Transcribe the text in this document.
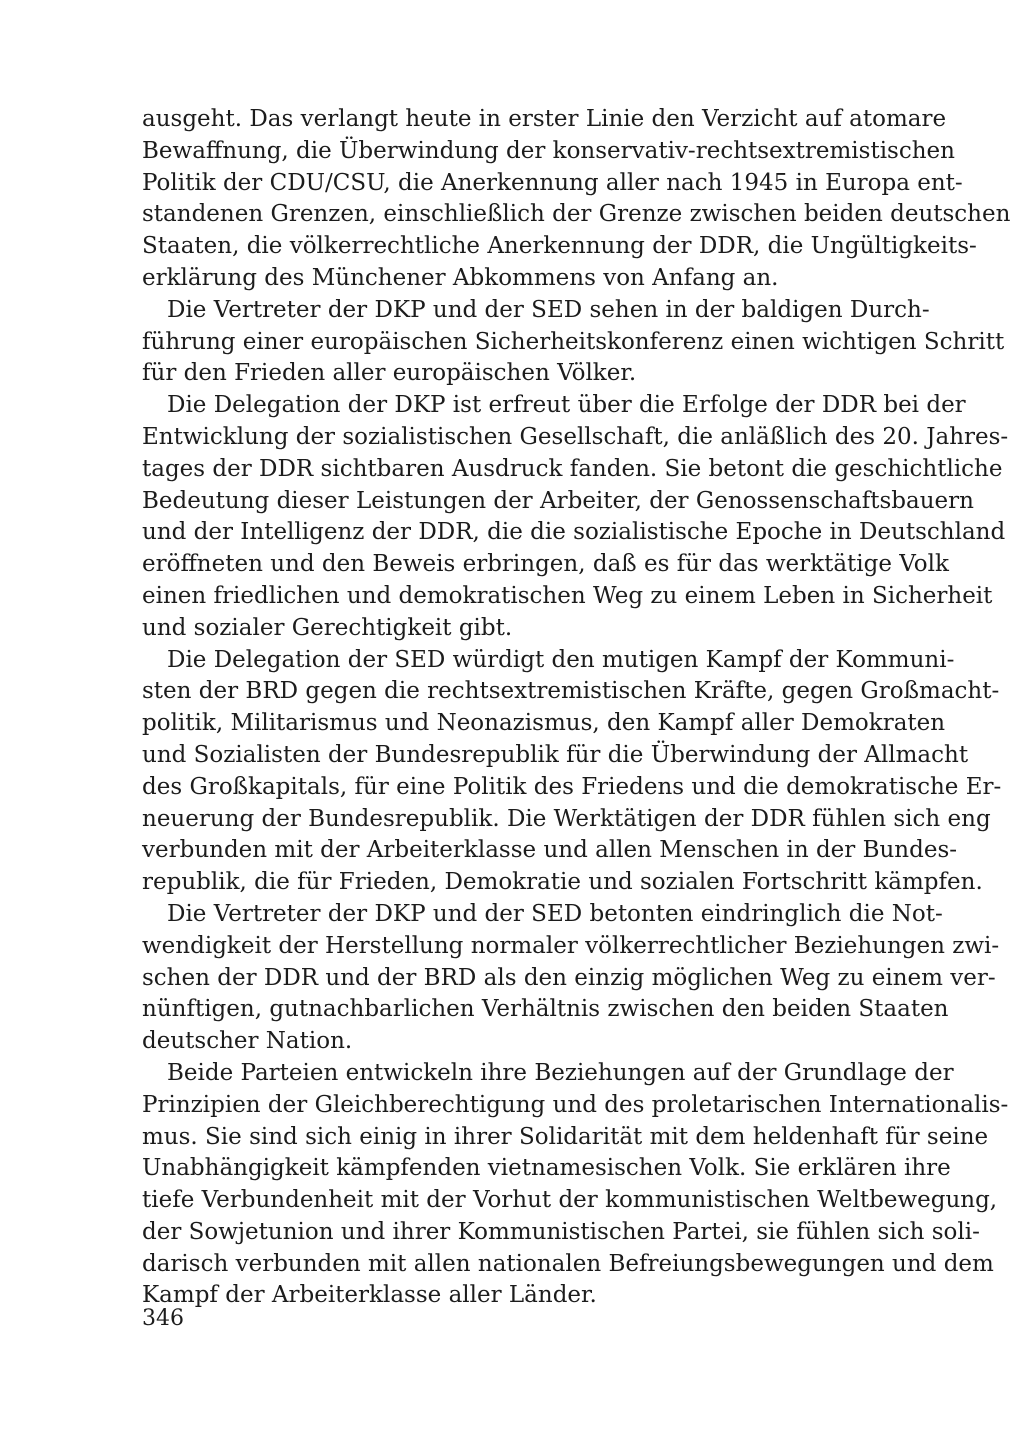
ausgeht. Das verlangt heute in erster Linie den Verzicht auf atomare
Bewaffnung, die Überwindung der konservativ-rechtsextremistischen
Politik der CDU/CSU, die Anerkennung aller nach 1945 in Europa ent-
standenen Grenzen, einschließlich der Grenze zwischen beiden deutschen
Staaten, die völkerrechtliche Anerkennung der DDR, die Ungültigkeits-
erklärung des Münchener Abkommens von Anfang an.
Die Vertreter der DKP und der SED sehen in der baldigen Durch-
führung einer europäischen Sicherheitskonferenz einen wichtigen Schritt
für den Frieden aller europäischen Völker.
Die Delegation der DKP ist erfreut über die Erfolge der DDR bei der
Entwicklung der sozialistischen Gesellschaft, die anläßlich des 20. Jahres-
tages der DDR sichtbaren Ausdruck fanden. Sie betont die geschichtliche
Bedeutung dieser Leistungen der Arbeiter, der Genossenschaftsbauern
und der Intelligenz der DDR, die die sozialistische Epoche in Deutschland
eröffneten und den Beweis erbringen, daß es für das werktätige Volk
einen friedlichen und demokratischen Weg zu einem Leben in Sicherheit
und sozialer Gerechtigkeit gibt.
Die Delegation der SED würdigt den mutigen Kampf der Kommuni-
sten der BRD gegen die rechtsextremistischen Kräfte, gegen Großmacht-
politik, Militarismus und Neonazismus, den Kampf aller Demokraten
und Sozialisten der Bundesrepublik für die Überwindung der Allmacht
des Großkapitals, für eine Politik des Friedens und die demokratische Er-
neuerung der Bundesrepublik. Die Werktätigen der DDR fühlen sich eng
verbunden mit der Arbeiterklasse und allen Menschen in der Bundes-
republik, die für Frieden, Demokratie und sozialen Fortschritt kämpfen.
Die Vertreter der DKP und der SED betonten eindringlich die Not-
wendigkeit der Herstellung normaler völkerrechtlicher Beziehungen zwi-
schen der DDR und der BRD als den einzig möglichen Weg zu einem ver-
nünftigen, gutnachbarlichen Verhältnis zwischen den beiden Staaten
deutscher Nation.
Beide Parteien entwickeln ihre Beziehungen auf der Grundlage der
Prinzipien der Gleichberechtigung und des proletarischen Internationalis-
mus. Sie sind sich einig in ihrer Solidarität mit dem heldenhaft für seine
Unabhängigkeit kämpfenden vietnamesischen Volk. Sie erklären ihre
tiefe Verbundenheit mit der Vorhut der kommunistischen Weltbewegung,
der Sowjetunion und ihrer Kommunistischen Partei, sie fühlen sich soli-
darisch verbunden mit allen nationalen Befreiungsbewegungen und dem
Kampf der Arbeiterklasse aller Länder.
346
